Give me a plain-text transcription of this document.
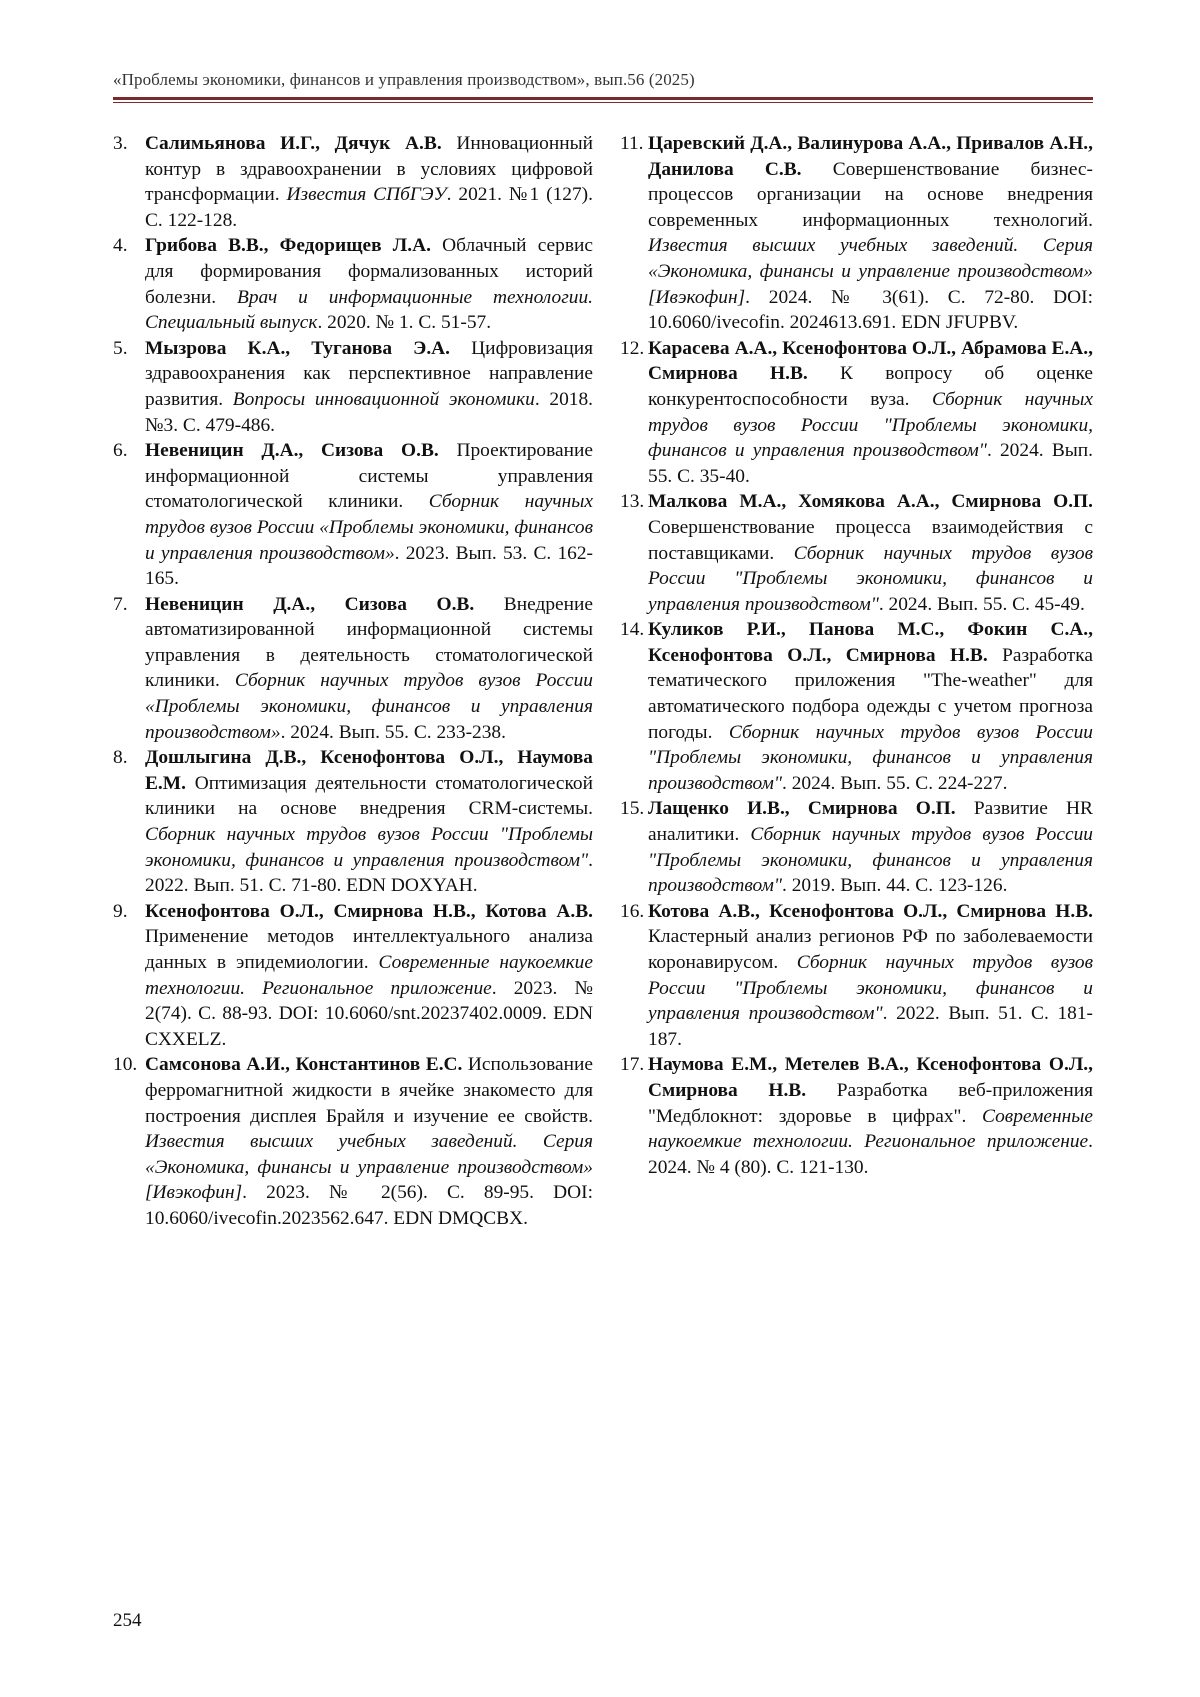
«Проблемы экономики, финансов и управления производством», вып.56 (2025)
3. Салимьянова И.Г., Дячук А.В. Инновационный контур в здравоохранении в условиях цифровой трансформации. Известия СПбГЭУ. 2021. №1 (127). С. 122-128.
4. Грибова В.В., Федорищев Л.А. Облачный сервис для формирования формализованных историй болезни. Врач и информационные технологии. Специальный выпуск. 2020. № 1. С. 51-57.
5. Мызрова К.А., Туганова Э.А. Цифровизация здравоохранения как перспективное направление развития. Вопросы инновационной экономики. 2018. №3. С. 479-486.
6. Невеницин Д.А., Сизова О.В. Проектирование информационной системы управления стоматологической клиники. Сборник научных трудов вузов России «Проблемы экономики, финансов и управления производством». 2023. Вып. 53. С. 162-165.
7. Невеницин Д.А., Сизова О.В. Внедрение автоматизированной информационной системы управления в деятельность стоматологической клиники. Сборник научных трудов вузов России «Проблемы экономики, финансов и управления производством». 2024. Вып. 55. С. 233-238.
8. Дошлыгина Д.В., Ксенофонтова О.Л., Наумова Е.М. Оптимизация деятельности стоматологической клиники на основе внедрения CRM-системы. Сборник научных трудов вузов России "Проблемы экономики, финансов и управления производством". 2022. Вып. 51. С. 71-80. EDN DOXYAH.
9. Ксенофонтова О.Л., Смирнова Н.В., Котова А.В. Применение методов интеллектуального анализа данных в эпидемиологии. Современные наукоемкие технологии. Региональное приложение. 2023. № 2(74). С. 88-93. DOI: 10.6060/snt.20237402.0009. EDN CXXELZ.
10. Самсонова А.И., Константинов Е.С. Использование ферромагнитной жидкости в ячейке знакоместо для построения дисплея Брайля и изучение ее свойств. Известия высших учебных заведений. Серия «Экономика, финансы и управление производством» [Ивэкофин]. 2023. № 2(56). С. 89-95. DOI: 10.6060/ivecofin.2023562.647. EDN DMQCBX.
11. Царевский Д.А., Валинурова А.А., Привалов А.Н., Данилова С.В. Совершенствование бизнес-процессов организации на основе внедрения современных информационных технологий. Известия высших учебных заведений. Серия «Экономика, финансы и управление производством» [Ивэкофин]. 2024. № 3(61). С. 72-80. DOI: 10.6060/ivecofin. 2024613.691. EDN JFUPBV.
12. Карасева А.А., Ксенофонтова О.Л., Абрамова Е.А., Смирнова Н.В. К вопросу об оценке конкурентоспособности вуза. Сборник научных трудов вузов России "Проблемы экономики, финансов и управления производством". 2024. Вып. 55. С. 35-40.
13. Малкова М.А., Хомякова А.А., Смирнова О.П. Совершенствование процесса взаимодействия с поставщиками. Сборник научных трудов вузов России "Проблемы экономики, финансов и управления производством". 2024. Вып. 55. С. 45-49.
14. Куликов Р.И., Панова М.С., Фокин С.А., Ксенофонтова О.Л., Смирнова Н.В. Разработка тематического приложения "The-weather" для автоматического подбора одежды с учетом прогноза погоды. Сборник научных трудов вузов России "Проблемы экономики, финансов и управления производством". 2024. Вып. 55. С. 224-227.
15. Лащенко И.В., Смирнова О.П. Развитие HR аналитики. Сборник научных трудов вузов России "Проблемы экономики, финансов и управления производством". 2019. Вып. 44. С. 123-126.
16. Котова А.В., Ксенофонтова О.Л., Смирнова Н.В. Кластерный анализ регионов РФ по заболеваемости коронавирусом. Сборник научных трудов вузов России "Проблемы экономики, финансов и управления производством". 2022. Вып. 51. С. 181-187.
17. Наумова Е.М., Метелев В.А., Ксенофонтова О.Л., Смирнова Н.В. Разработка веб-приложения "Медблокнот: здоровье в цифрах". Современные наукоемкие технологии. Региональное приложение. 2024. № 4 (80). С. 121-130.
254
